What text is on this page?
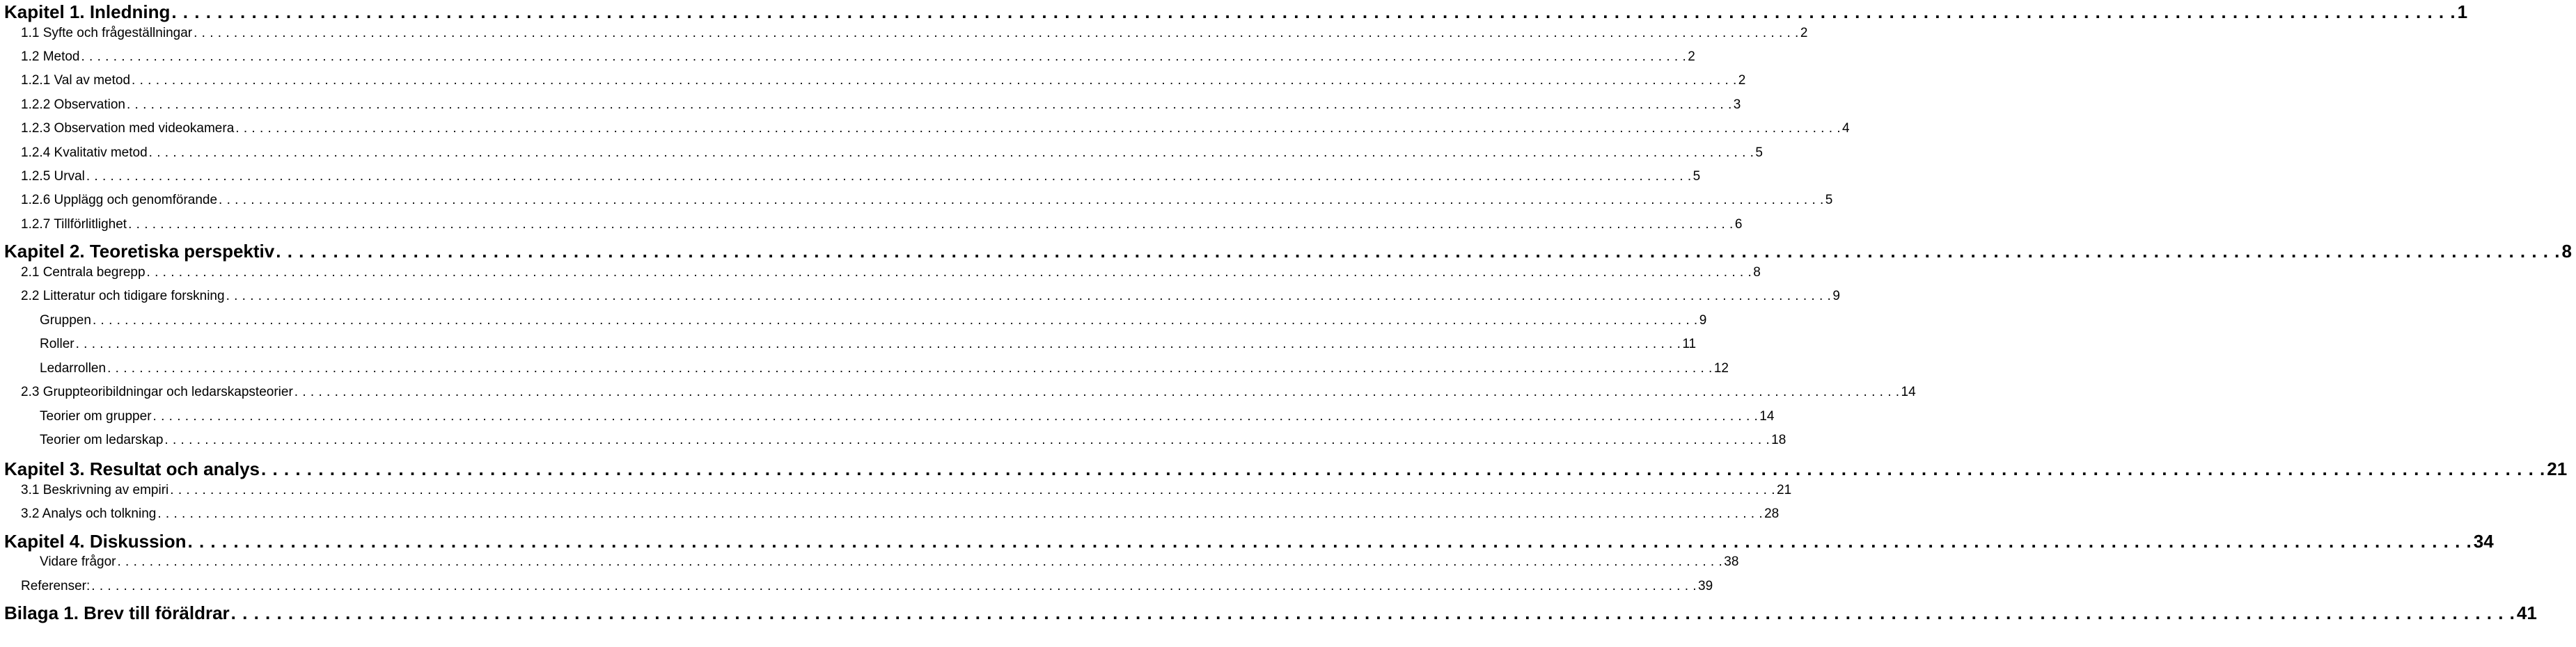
Kapitel 1. Inledning . . . . . . . . . . . . . . . . . . . . . . . . . . . . . . . . . . . . . . . . . . . . . . . . . . . . . . . . . . . . . . . . . . . . . . . . . . . . . . . . . . . . . . . . . . . . . . . . . . . . . . . . . . . . . . . . . . . . . . . . . . . . . . . . . . . . . . . . . . . . . . . . . . . . . . . . . . . . . . . . . . . . . . . . . . . . . . . . . . . . . . . . . . . . . . . . . . . . . . . . 1
1.1 Syfte och frågeställningar . . . . . . . . . . . . . . . . . . . . . . . . . . . . . . . . . . . . . . . . . . . . . . . . . . . . . . . . . . . . . . . . . . . . . . . . . . . . . . . . . . . . . . . . . . . . . . . . . . . . . . . . . . . . . . . . . . . . . . . . . . . . . . . . . . . . . . . . . . . . . . . . . . . . . . . . . . . . . . . . . . . . . . . . . . . . . . . . . . . . . . . . . . . . . . . . . . . . . . . . 2
1.2 Metod . . . . . . . . . . . . . . . . . . . . . . . . . . . . . . . . . . . . . . . . . . . . . . . . . . . . . . . . . . . . . . . . . . . . . . . . . . . . . . . . . . . . . . . . . . . . . . . . . . . . . . . . . . . . . . . . . . . . . . . . . . . . . . . . . . . . . . . . . . . . . . . . . . . . . . . . . . . . . . . . . . . . . . . . . . . . . . . . . . . . . . . . . . . . . . . . . . . . . . . . 2
1.2.1 Val av metod . . . . . . . . . . . . . . . . . . . . . . . . . . . . . . . . . . . . . . . . . . . . . . . . . . . . . . . . . . . . . . . . . . . . . . . . . . . . . . . . . . . . . . . . . . . . . . . . . . . . . . . . . . . . . . . . . . . . . . . . . . . . . . . . . . . . . . . . . . . . . . . . . . . . . . . . . . . . . . . . . . . . . . . . . . . . . . . . . . . . . . . . . . . . . . . . . . . . . . . . 2
1.2.2 Observation . . . . . . . . . . . . . . . . . . . . . . . . . . . . . . . . . . . . . . . . . . . . . . . . . . . . . . . . . . . . . . . . . . . . . . . . . . . . . . . . . . . . . . . . . . . . . . . . . . . . . . . . . . . . . . . . . . . . . . . . . . . . . . . . . . . . . . . . . . . . . . . . . . . . . . . . . . . . . . . . . . . . . . . . . . . . . . . . . . . . . . . . . . . . . . . . . . . . . . . . 3
1.2.3 Observation med videokamera . . . . . . . . . . . . . . . . . . . . . . . . . . . . . . . . . . . . . . . . . . . . . . . . . . . . . . . . . . . . . . . . . . . . . . . . . . . . . . . . . . . . . . . . . . . . . . . . . . . . . . . . . . . . . . . . . . . . . . . . . . . . . . . . . . . . . . . . . . . . . . . . . . . . . . . . . . . . . . . . . . . . . . . . . . . . . . . . . . . . . . . . . . . . . . . . . . . . . . . . 4
1.2.4 Kvalitativ metod . . . . . . . . . . . . . . . . . . . . . . . . . . . . . . . . . . . . . . . . . . . . . . . . . . . . . . . . . . . . . . . . . . . . . . . . . . . . . . . . . . . . . . . . . . . . . . . . . . . . . . . . . . . . . . . . . . . . . . . . . . . . . . . . . . . . . . . . . . . . . . . . . . . . . . . . . . . . . . . . . . . . . . . . . . . . . . . . . . . . . . . . . . . . . . . . . . . . . . . . 5
1.2.5 Urval . . . . . . . . . . . . . . . . . . . . . . . . . . . . . . . . . . . . . . . . . . . . . . . . . . . . . . . . . . . . . . . . . . . . . . . . . . . . . . . . . . . . . . . . . . . . . . . . . . . . . . . . . . . . . . . . . . . . . . . . . . . . . . . . . . . . . . . . . . . . . . . . . . . . . . . . . . . . . . . . . . . . . . . . . . . . . . . . . . . . . . . . . . . . . . . . . . . . . . . . 5
1.2.6 Upplägg och genomförande . . . . . . . . . . . . . . . . . . . . . . . . . . . . . . . . . . . . . . . . . . . . . . . . . . . . . . . . . . . . . . . . . . . . . . . . . . . . . . . . . . . . . . . . . . . . . . . . . . . . . . . . . . . . . . . . . . . . . . . . . . . . . . . . . . . . . . . . . . . . . . . . . . . . . . . . . . . . . . . . . . . . . . . . . . . . . . . . . . . . . . . . . . . . . . . . . . . . . . . . 5
1.2.7 Tillförlitlighet . . . . . . . . . . . . . . . . . . . . . . . . . . . . . . . . . . . . . . . . . . . . . . . . . . . . . . . . . . . . . . . . . . . . . . . . . . . . . . . . . . . . . . . . . . . . . . . . . . . . . . . . . . . . . . . . . . . . . . . . . . . . . . . . . . . . . . . . . . . . . . . . . . . . . . . . . . . . . . . . . . . . . . . . . . . . . . . . . . . . . . . . . . . . . . . . . . . . . . . . 6
Kapitel 2. Teoretiska perspektiv . . . . . . . . . . . . . . . . . . . . . . . . . . . . . . . . . . . . . . . . . . . . . . . . . . . . . . . . . . . . . . . . . . . . . . . . . . . . . . . . . . . . . . . . . . . . . . . . . . . . . . . . . . . . . . . . . . . . . . . . . . . . . . . . . . . . . . . . . . . . . . . . . . . . . . . . . . . . . . . . . . . . . . . . . . . . . . . . . . . . . . . . . . . . . . . . . . . . . . . . 8
2.1 Centrala begrepp . . . . . . . . . . . . . . . . . . . . . . . . . . . . . . . . . . . . . . . . . . . . . . . . . . . . . . . . . . . . . . . . . . . . . . . . . . . . . . . . . . . . . . . . . . . . . . . . . . . . . . . . . . . . . . . . . . . . . . . . . . . . . . . . . . . . . . . . . . . . . . . . . . . . . . . . . . . . . . . . . . . . . . . . . . . . . . . . . . . . . . . . . . . . . . . . . . . . . . . . 8
2.2 Litteratur och tidigare forskning . . . . . . . . . . . . . . . . . . . . . . . . . . . . . . . . . . . . . . . . . . . . . . . . . . . . . . . . . . . . . . . . . . . . . . . . . . . . . . . . . . . . . . . . . . . . . . . . . . . . . . . . . . . . . . . . . . . . . . . . . . . . . . . . . . . . . . . . . . . . . . . . . . . . . . . . . . . . . . . . . . . . . . . . . . . . . . . . . . . . . . . . . . . . . . . . . . . . . . . . 9
Gruppen . . . . . . . . . . . . . . . . . . . . . . . . . . . . . . . . . . . . . . . . . . . . . . . . . . . . . . . . . . . . . . . . . . . . . . . . . . . . . . . . . . . . . . . . . . . . . . . . . . . . . . . . . . . . . . . . . . . . . . . . . . . . . . . . . . . . . . . . . . . . . . . . . . . . . . . . . . . . . . . . . . . . . . . . . . . . . . . . . . . . . . . . . . . . . . . . . . . . . . . . 9
Roller . . . . . . . . . . . . . . . . . . . . . . . . . . . . . . . . . . . . . . . . . . . . . . . . . . . . . . . . . . . . . . . . . . . . . . . . . . . . . . . . . . . . . . . . . . . . . . . . . . . . . . . . . . . . . . . . . . . . . . . . . . . . . . . . . . . . . . . . . . . . . . . . . . . . . . . . . . . . . . . . . . . . . . . . . . . . . . . . . . . . . . . . . . . . . . . . . . . . . . . . 11
Ledarrollen . . . . . . . . . . . . . . . . . . . . . . . . . . . . . . . . . . . . . . . . . . . . . . . . . . . . . . . . . . . . . . . . . . . . . . . . . . . . . . . . . . . . . . . . . . . . . . . . . . . . . . . . . . . . . . . . . . . . . . . . . . . . . . . . . . . . . . . . . . . . . . . . . . . . . . . . . . . . . . . . . . . . . . . . . . . . . . . . . . . . . . . . . . . . . . . . . . . . . . . . 12
2.3 Gruppteoribildningar och ledarskapsteorier . . . . . . . . . . . . . . . . . . . . . . . . . . . . . . . . . . . . . . . . . . . . . . . . . . . . . . . . . . . . . . . . . . . . . . . . . . . . . . . . . . . . . . . . . . . . . . . . . . . . . . . . . . . . . . . . . . . . . . . . . . . . . . . . . . . . . . . . . . . . . . . . . . . . . . . . . . . . . . . . . . . . . . . . . . . . . . . . . . . . . . . . . . . . . . . . . . . . . . . . 14
Teorier om grupper . . . . . . . . . . . . . . . . . . . . . . . . . . . . . . . . . . . . . . . . . . . . . . . . . . . . . . . . . . . . . . . . . . . . . . . . . . . . . . . . . . . . . . . . . . . . . . . . . . . . . . . . . . . . . . . . . . . . . . . . . . . . . . . . . . . . . . . . . . . . . . . . . . . . . . . . . . . . . . . . . . . . . . . . . . . . . . . . . . . . . . . . . . . . . . . . . . . . . . . . 14
Teorier om ledarskap . . . . . . . . . . . . . . . . . . . . . . . . . . . . . . . . . . . . . . . . . . . . . . . . . . . . . . . . . . . . . . . . . . . . . . . . . . . . . . . . . . . . . . . . . . . . . . . . . . . . . . . . . . . . . . . . . . . . . . . . . . . . . . . . . . . . . . . . . . . . . . . . . . . . . . . . . . . . . . . . . . . . . . . . . . . . . . . . . . . . . . . . . . . . . . . . . . . . . . . . 18
Kapitel 3. Resultat och analys . . . . . . . . . . . . . . . . . . . . . . . . . . . . . . . . . . . . . . . . . . . . . . . . . . . . . . . . . . . . . . . . . . . . . . . . . . . . . . . . . . . . . . . . . . . . . . . . . . . . . . . . . . . . . . . . . . . . . . . . . . . . . . . . . . . . . . . . . . . . . . . . . . . . . . . . . . . . . . . . . . . . . . . . . . . . . . . . . . . . . . . . . . . . . . . . . . . . . . . . 21
3.1 Beskrivning av empiri . . . . . . . . . . . . . . . . . . . . . . . . . . . . . . . . . . . . . . . . . . . . . . . . . . . . . . . . . . . . . . . . . . . . . . . . . . . . . . . . . . . . . . . . . . . . . . . . . . . . . . . . . . . . . . . . . . . . . . . . . . . . . . . . . . . . . . . . . . . . . . . . . . . . . . . . . . . . . . . . . . . . . . . . . . . . . . . . . . . . . . . . . . . . . . . . . . . . . . . . 21
3.2 Analys och tolkning . . . . . . . . . . . . . . . . . . . . . . . . . . . . . . . . . . . . . . . . . . . . . . . . . . . . . . . . . . . . . . . . . . . . . . . . . . . . . . . . . . . . . . . . . . . . . . . . . . . . . . . . . . . . . . . . . . . . . . . . . . . . . . . . . . . . . . . . . . . . . . . . . . . . . . . . . . . . . . . . . . . . . . . . . . . . . . . . . . . . . . . . . . . . . . . . . . . . . . . . 28
Kapitel 4. Diskussion . . . . . . . . . . . . . . . . . . . . . . . . . . . . . . . . . . . . . . . . . . . . . . . . . . . . . . . . . . . . . . . . . . . . . . . . . . . . . . . . . . . . . . . . . . . . . . . . . . . . . . . . . . . . . . . . . . . . . . . . . . . . . . . . . . . . . . . . . . . . . . . . . . . . . . . . . . . . . . . . . . . . . . . . . . . . . . . . . . . . . . . . . . . . . . . . . . . . . . . . 34
Vidare frågor . . . . . . . . . . . . . . . . . . . . . . . . . . . . . . . . . . . . . . . . . . . . . . . . . . . . . . . . . . . . . . . . . . . . . . . . . . . . . . . . . . . . . . . . . . . . . . . . . . . . . . . . . . . . . . . . . . . . . . . . . . . . . . . . . . . . . . . . . . . . . . . . . . . . . . . . . . . . . . . . . . . . . . . . . . . . . . . . . . . . . . . . . . . . . . . . . . . . . . . . 38
Referenser: . . . . . . . . . . . . . . . . . . . . . . . . . . . . . . . . . . . . . . . . . . . . . . . . . . . . . . . . . . . . . . . . . . . . . . . . . . . . . . . . . . . . . . . . . . . . . . . . . . . . . . . . . . . . . . . . . . . . . . . . . . . . . . . . . . . . . . . . . . . . . . . . . . . . . . . . . . . . . . . . . . . . . . . . . . . . . . . . . . . . . . . . . . . . . . . . . . . . . . . . 39
Bilaga 1. Brev till föräldrar . . . . . . . . . . . . . . . . . . . . . . . . . . . . . . . . . . . . . . . . . . . . . . . . . . . . . . . . . . . . . . . . . . . . . . . . . . . . . . . . . . . . . . . . . . . . . . . . . . . . . . . . . . . . . . . . . . . . . . . . . . . . . . . . . . . . . . . . . . . . . . . . . . . . . . . . . . . . . . . . . . . . . . . . . . . . . . . . . . . . . . . . . . . . . . . . . . . . . . . . 41
